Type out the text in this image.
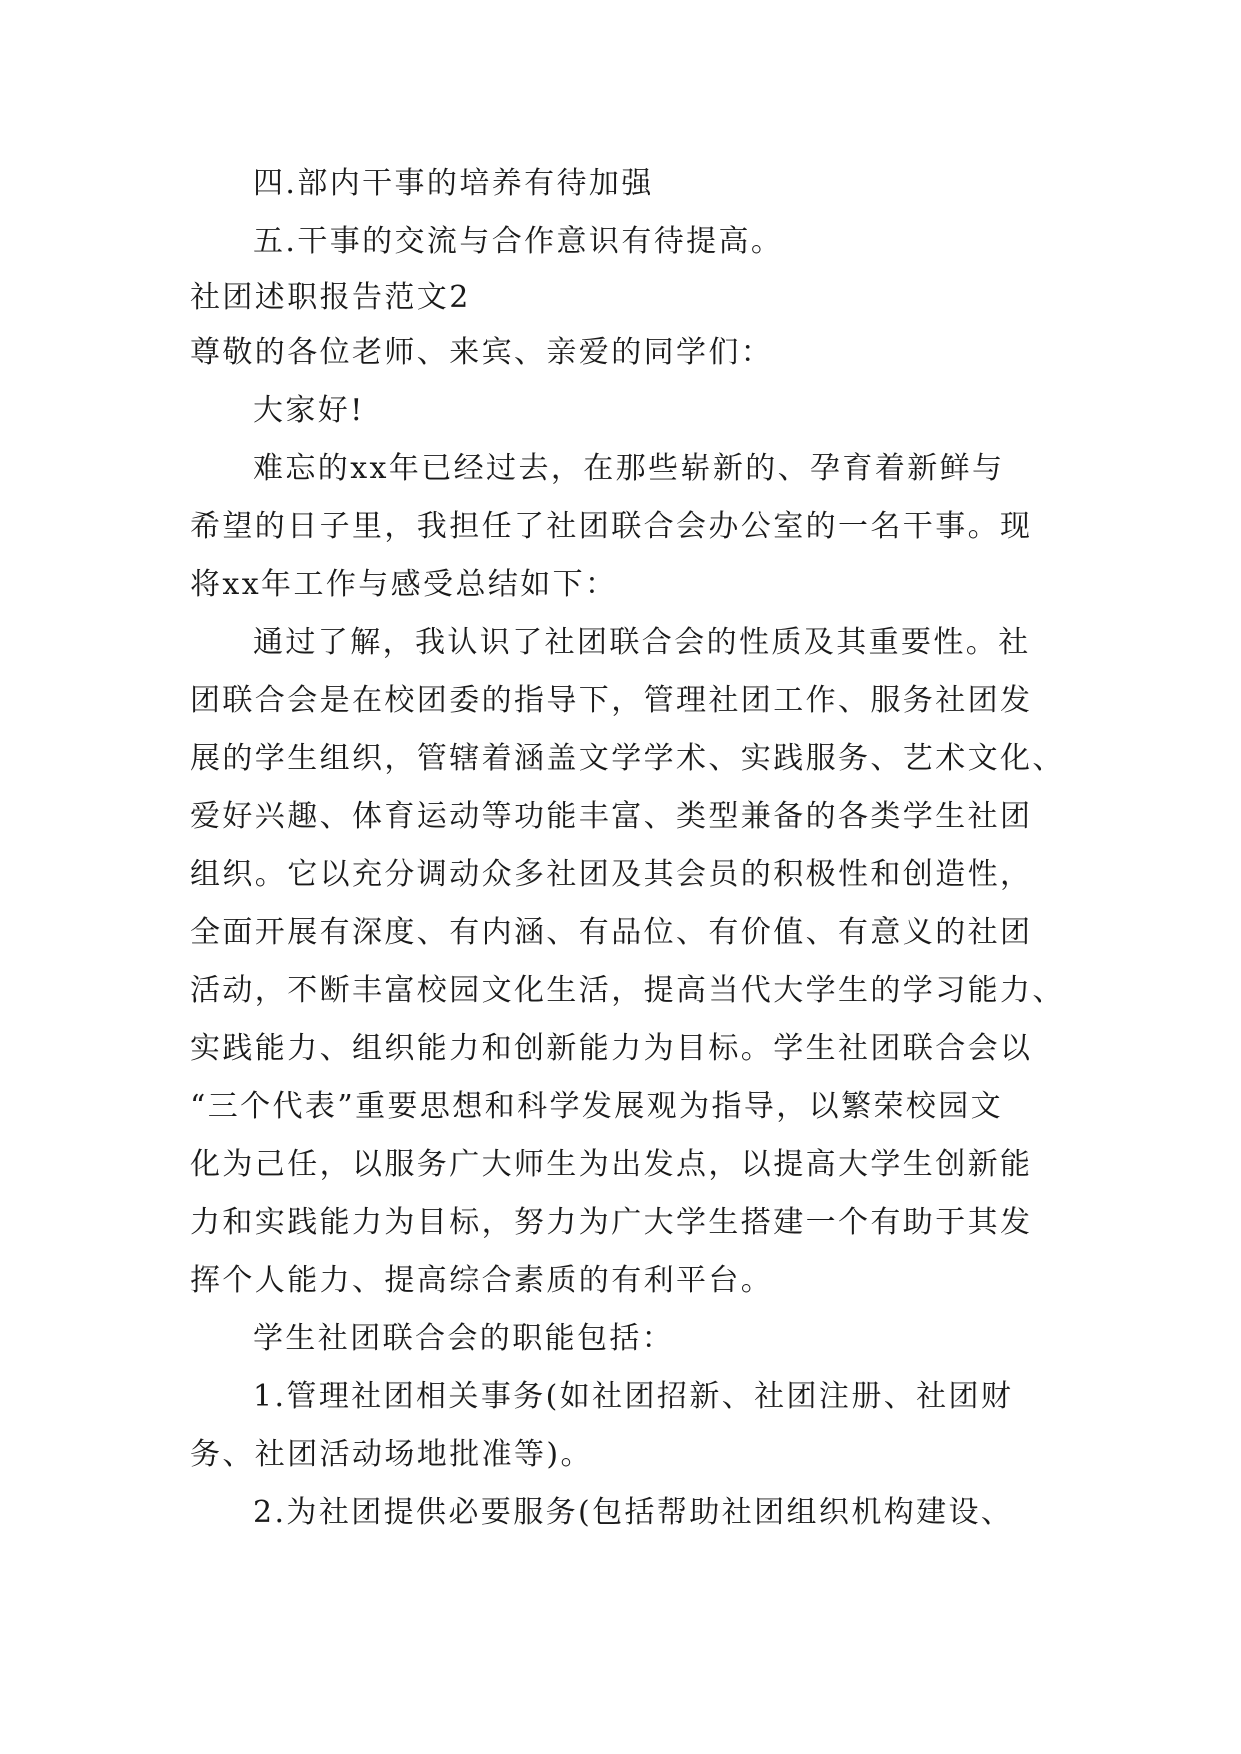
四.部内干事的培养有待加强
五.干事的交流与合作意识有待提高。
社团述职报告范文2
尊敬的各位老师、来宾、亲爱的同学们：
大家好!
难忘的xx年已经过去，在那些崭新的、孕育着新鲜与
希望的日子里，我担任了社团联合会办公室的一名干事。现
将xx年工作与感受总结如下：
通过了解，我认识了社团联合会的性质及其重要性。社
团联合会是在校团委的指导下，管理社团工作、服务社团发
展的学生组织，管辖着涵盖文学学术、实践服务、艺术文化、
爱好兴趣、体育运动等功能丰富、类型兼备的各类学生社团
组织。它以充分调动众多社团及其会员的积极性和创造性，
全面开展有深度、有内涵、有品位、有价值、有意义的社团
活动，不断丰富校园文化生活，提高当代大学生的学习能力、
实践能力、组织能力和创新能力为目标。学生社团联合会以
“三个代表”重要思想和科学发展观为指导，以繁荣校园文
化为己任，以服务广大师生为出发点，以提高大学生创新能
力和实践能力为目标，努力为广大学生搭建一个有助于其发
挥个人能力、提高综合素质的有利平台。
学生社团联合会的职能包括：
1.管理社团相关事务(如社团招新、社团注册、社团财
务、社团活动场地批准等)。
2.为社团提供必要服务(包括帮助社团组织机构建设、
